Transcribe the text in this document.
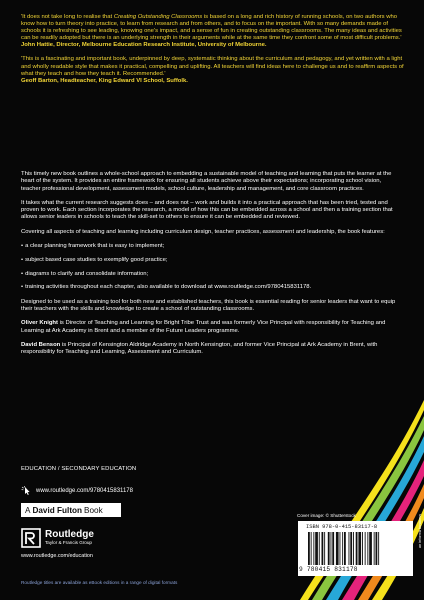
'It does not take long to realise that Creating Outstanding Classrooms is based on a long and rich history of running schools, on two authors who know how to turn theory into practice, to learn from research and from others, and to focus on the important. With so many demands made of schools it is refreshing to see leading, knowing one's impact, and a sense of fun in creating outstanding classrooms. The many ideas and activities can be readily adopted but there is an underlying strength in their arguments while at the same time they confront some of most difficult problems.'
John Hattie, Director, Melbourne Education Research Institute, University of Melbourne.

'This is a fascinating and important book, underpinned by deep, systematic thinking about the curriculum and pedagogy, and yet written with a light and wholly readable style that makes it practical, compelling and uplifting. All teachers will find ideas here to challenge us and to reaffirm aspects of what they teach and how they teach it. Recommended.'
Geoff Barton, Headteacher, King Edward VI School, Suffolk.

This timely new book outlines a whole-school approach to embedding a sustainable model of teaching and learning that puts the learner at the heart of the system. It provides an entire framework for ensuring all students achieve above their expectations; incorporating school vision, teacher professional development, assessment models, school culture, leadership and management, and core classroom practices.

It takes what the current research suggests does – and does not – work and builds it into a practical approach that has been tried, tested and proven to work. Each section incorporates the research, a model of how this can be embedded across a school and then a training section that allows senior leaders in schools to teach the skill-set to others to ensure it can be embedded and reviewed.

Covering all aspects of teaching and learning including curriculum design, teacher practices, assessment and leadership, the book features:

• a clear planning framework that is easy to implement;
• subject based case studies to exemplify good practice;
• diagrams to clarify and consolidate information;
• training activities throughout each chapter, also available to download at www.routledge.com/9780415831178.

Designed to be used as a training tool for both new and established teachers, this book is essential reading for senior leaders that want to equip their teachers with the skills and knowledge to create a school of outstanding classrooms.

Oliver Knight is Director of Teaching and Learning for Bright Tribe Trust and was formerly Vice Principal with responsibility for Teaching and Learning at Ark Academy in Brent and a member of the Future Leaders programme.

David Benson is Principal of Kensington Aldridge Academy in North Kensington, and former Vice Principal at Ark Academy in Brent, with responsibility for Teaching and Learning, Assessment and Curriculum.

EDUCATION / SECONDARY EDUCATION
www.routledge.com/9780415831178
A David Fulton Book
Routledge
Taylor & Francis Group
www.routledge.com/education
Routledge titles are available as eBook editions in a range of digital formats
Cover image: © Shutterstock
ISBN 978-0-415-83117-8
9 780415 831178
an informa business
